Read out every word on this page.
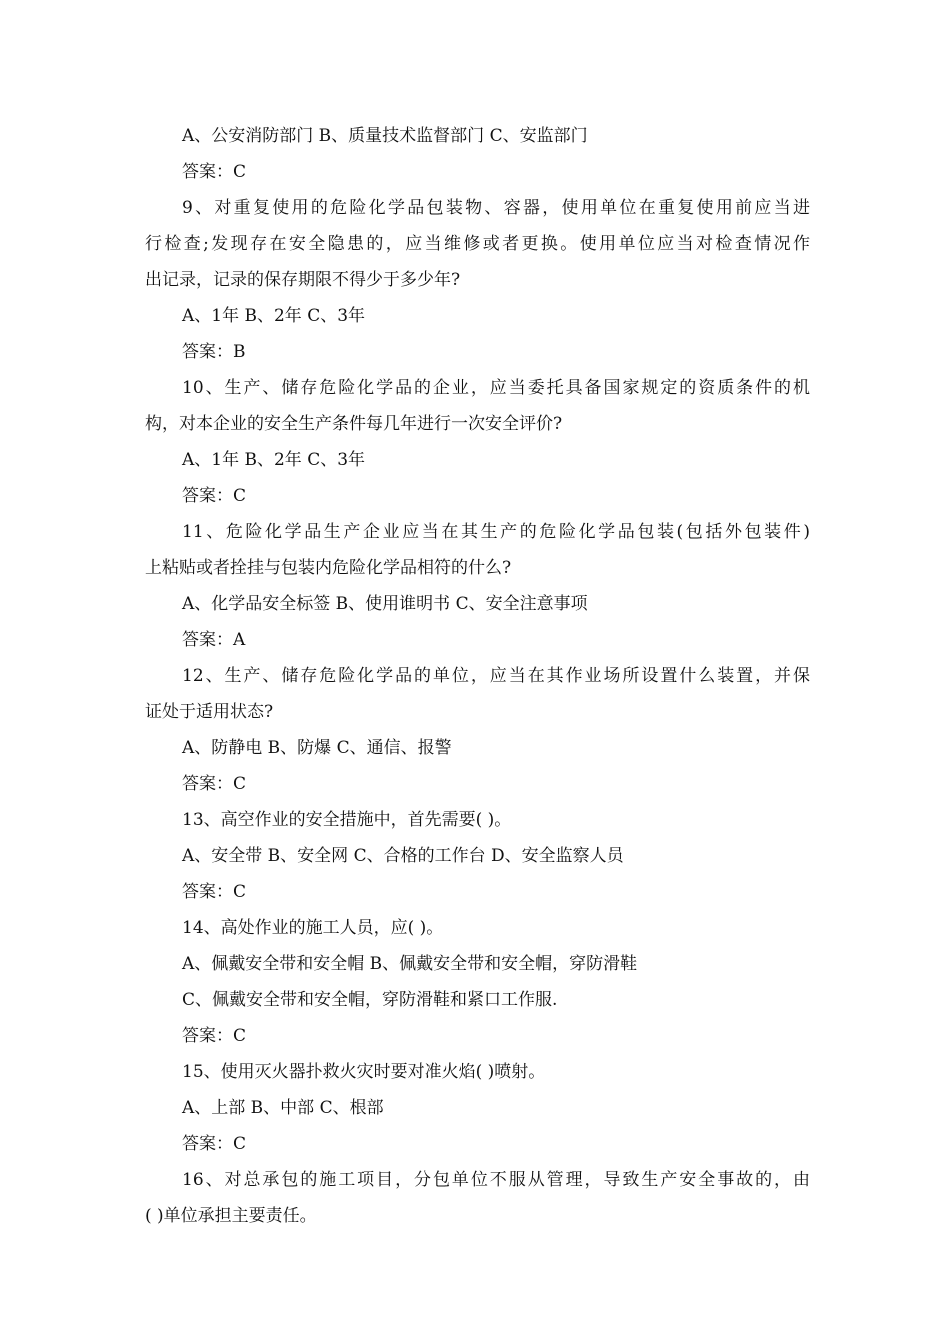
A、公安消防部门 B、质量技术监督部门 C、安监部门
答案：C
9、对重复使用的危险化学品包装物、容器，使用单位在重复使用前应当进
行检查;发现存在安全隐患的，应当维修或者更换。使用单位应当对检查情况作
出记录，记录的保存期限不得少于多少年?
A、1年 B、2年 C、3年
答案：B
10、生产、储存危险化学品的企业，应当委托具备国家规定的资质条件的机
构，对本企业的安全生产条件每几年进行一次安全评价?
A、1年 B、2年 C、3年
答案：C
11、危险化学品生产企业应当在其生产的危险化学品包装(包括外包装件)
上粘贴或者拴挂与包装内危险化学品相符的什么?
A、化学品安全标签 B、使用谁明书 C、安全注意事项
答案：A
12、生产、储存危险化学品的单位，应当在其作业场所设置什么装置，并保
证处于适用状态?
A、防静电 B、防爆 C、通信、报警
答案：C
13、高空作业的安全措施中，首先需要( )。
A、安全带 B、安全网 C、合格的工作台 D、安全监察人员
答案：C
14、高处作业的施工人员，应( )。
A、佩戴安全带和安全帽 B、佩戴安全带和安全帽，穿防滑鞋
C、佩戴安全带和安全帽，穿防滑鞋和紧口工作服.
答案：C
15、使用灭火器扑救火灾时要对准火焰( )喷射。
A、上部 B、中部 C、根部
答案：C
16、对总承包的施工项目，分包单位不服从管理，导致生产安全事故的，由
( )单位承担主要责任。
